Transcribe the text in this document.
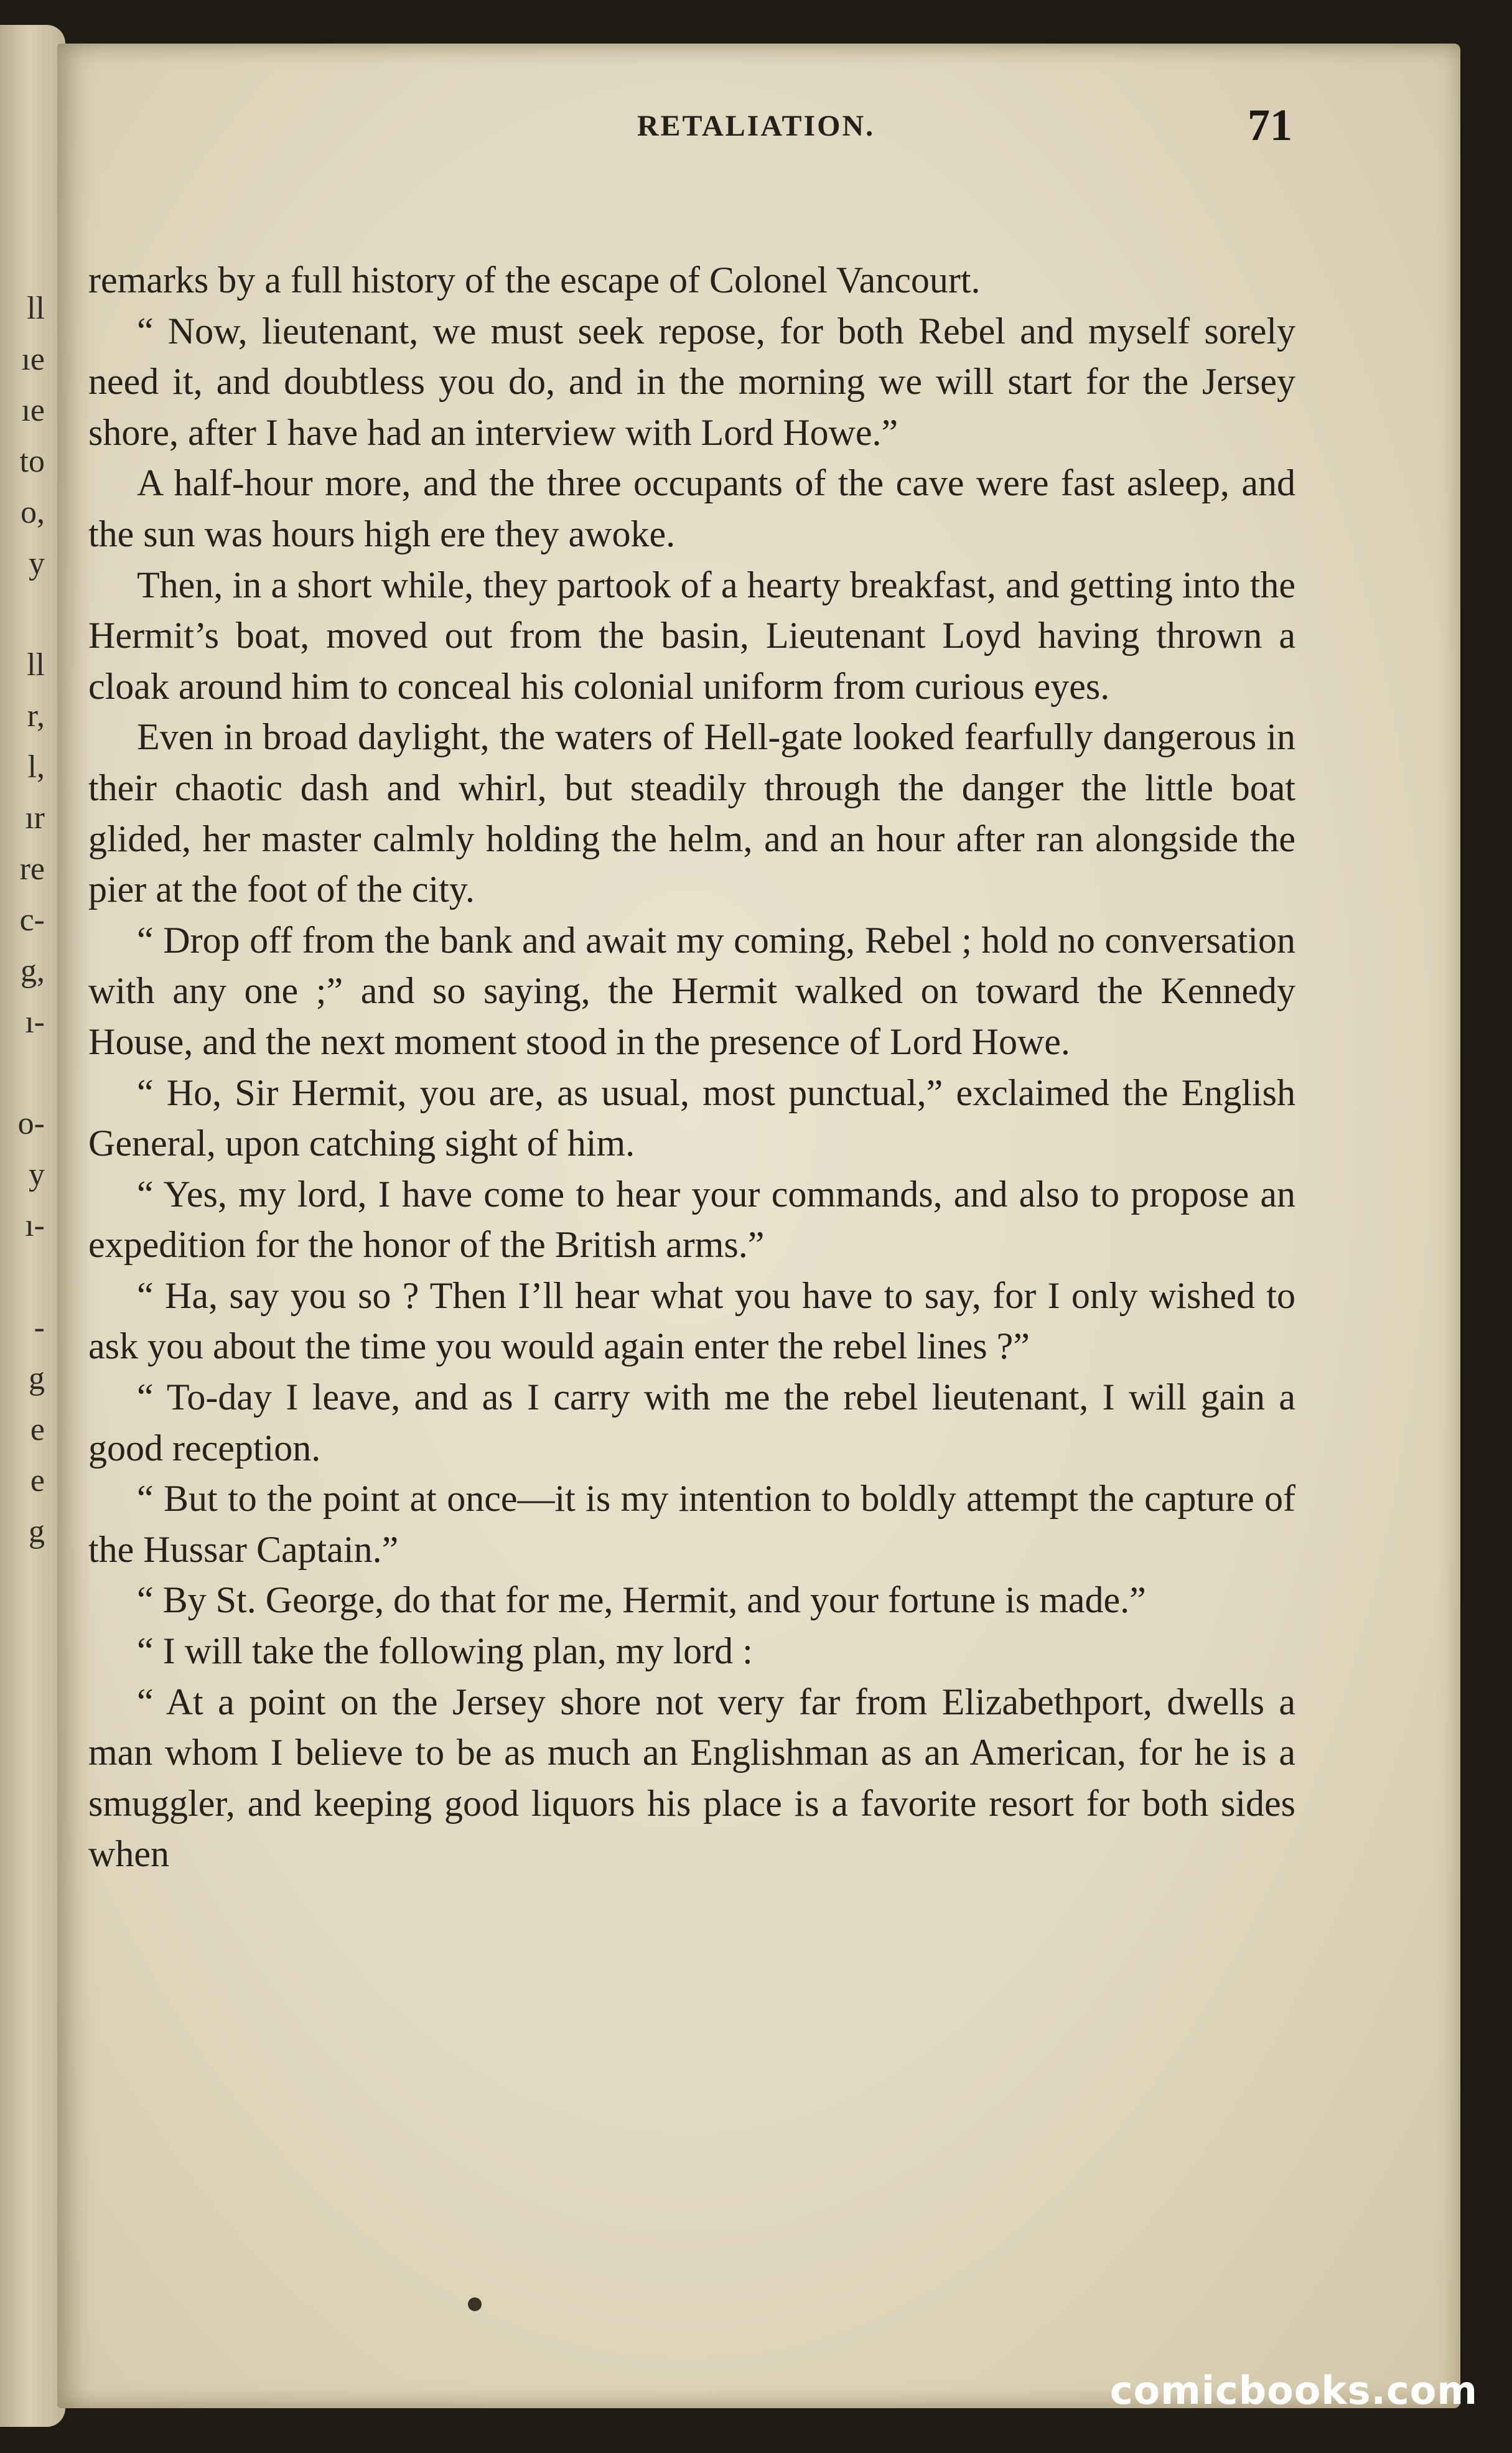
ll
ıe
ıe
to
o,
y
ll
r,
l,
ır
re
c-
g,
ı-
o-
y
ı-
-
g
e
e
g
RETALIATION.	71

remarks by a full history of the escape of Colonel Vancourt.

“ Now, lieutenant, we must seek repose, for both Rebel and myself sorely need it, and doubtless you do, and in the morning we will start for the Jersey shore, after I have had an interview with Lord Howe.”

A half-hour more, and the three occupants of the cave were fast asleep, and the sun was hours high ere they awoke.

Then, in a short while, they partook of a hearty breakfast, and getting into the Hermit’s boat, moved out from the basin, Lieutenant Loyd having thrown a cloak around him to conceal his colonial uniform from curious eyes.

Even in broad daylight, the waters of Hell-gate looked fearfully dangerous in their chaotic dash and whirl, but steadily through the danger the little boat glided, her master calmly holding the helm, and an hour after ran alongside the pier at the foot of the city.

“ Drop off from the bank and await my coming, Rebel ; hold no conversation with any one ;” and so saying, the Hermit walked on toward the Kennedy House, and the next moment stood in the presence of Lord Howe.

“ Ho, Sir Hermit, you are, as usual, most punctual,” exclaimed the English General, upon catching sight of him.

“ Yes, my lord, I have come to hear your commands, and also to propose an expedition for the honor of the British arms.”

“ Ha, say you so ? Then I’ll hear what you have to say, for I only wished to ask you about the time you would again enter the rebel lines ?”

“ To-day I leave, and as I carry with me the rebel lieutenant, I will gain a good reception.

“ But to the point at once—it is my intention to boldly attempt the capture of the Hussar Captain.”

“ By St. George, do that for me, Hermit, and your fortune is made.”

“ I will take the following plan, my lord :

“ At a point on the Jersey shore not very far from Elizabethport, dwells a man whom I believe to be as much an Englishman as an American, for he is a smuggler, and keeping good liquors his place is a favorite resort for both sides when

comicbooks.com
